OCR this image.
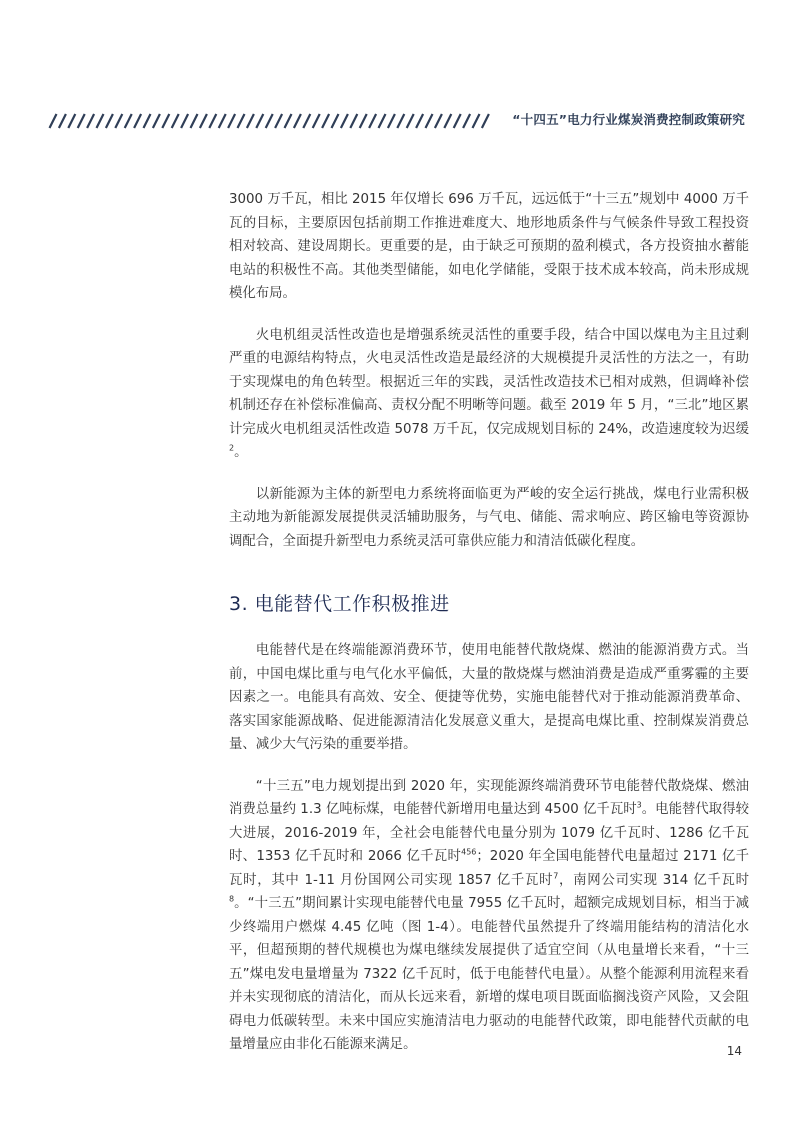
“十四五”电力行业煤炭消费控制政策研究

3000 万千瓦，相比 2015 年仅增长 696 万千瓦，远远低于“十三五”规划中 4000 万千瓦的目标，主要原因包括前期工作推进难度大、地形地质条件与气候条件导致工程投资相对较高、建设周期长。更重要的是，由于缺乏可预期的盈利模式，各方投资抽水蓄能电站的积极性不高。其他类型储能，如电化学储能，受限于技术成本较高，尚未形成规模化布局。

火电机组灵活性改造也是增强系统灵活性的重要手段，结合中国以煤电为主且过剩严重的电源结构特点，火电灵活性改造是最经济的大规模提升灵活性的方法之一，有助于实现煤电的角色转型。根据近三年的实践，灵活性改造技术已相对成熟，但调峰补偿机制还存在补偿标准偏高、责权分配不明晰等问题。截至 2019 年 5 月，“三北”地区累计完成火电机组灵活性改造 5078 万千瓦，仅完成规划目标的 24%，改造速度较为迟缓$^2$。

以新能源为主体的新型电力系统将面临更为严峻的安全运行挑战，煤电行业需积极主动地为新能源发展提供灵活辅助服务，与气电、储能、需求响应、跨区输电等资源协调配合，全面提升新型电力系统灵活可靠供应能力和清洁低碳化程度。

3. 电能替代工作积极推进

电能替代是在终端能源消费环节，使用电能替代散烧煤、燃油的能源消费方式。当前，中国电煤比重与电气化水平偏低，大量的散烧煤与燃油消费是造成严重雾霾的主要因素之一。电能具有高效、安全、便捷等优势，实施电能替代对于推动能源消费革命、落实国家能源战略、促进能源清洁化发展意义重大，是提高电煤比重、控制煤炭消费总量、减少大气污染的重要举措。

“十三五”电力规划提出到 2020 年，实现能源终端消费环节电能替代散烧煤、燃油消费总量约 1.3 亿吨标煤，电能替代新增用电量达到 4500 亿千瓦时$^3$。电能替代取得较大进展，2016-2019 年，全社会电能替代电量分别为 1079 亿千瓦时、1286 亿千瓦时、1353 亿千瓦时和 2066 亿千瓦时$^{456}$；2020 年全国电能替代电量超过 2171 亿千瓦时，其中 1-11 月份国网公司实现 1857 亿千瓦时$^7$，南网公司实现 314 亿千瓦时$^8$。“十三五”期间累计实现电能替代电量 7955 亿千瓦时，超额完成规划目标，相当于减少终端用户燃煤 4.45 亿吨（图 1-4）。电能替代虽然提升了终端用能结构的清洁化水平，但超预期的替代规模也为煤电继续发展提供了适宜空间（从电量增长来看，“十三五”煤电发电量增量为 7322 亿千瓦时，低于电能替代电量）。从整个能源利用流程来看并未实现彻底的清洁化，而从长远来看，新增的煤电项目既面临搁浅资产风险，又会阻碍电力低碳转型。未来中国应实施清洁电力驱动的电能替代政策，即电能替代贡献的电量增量应由非化石能源来满足。	14
